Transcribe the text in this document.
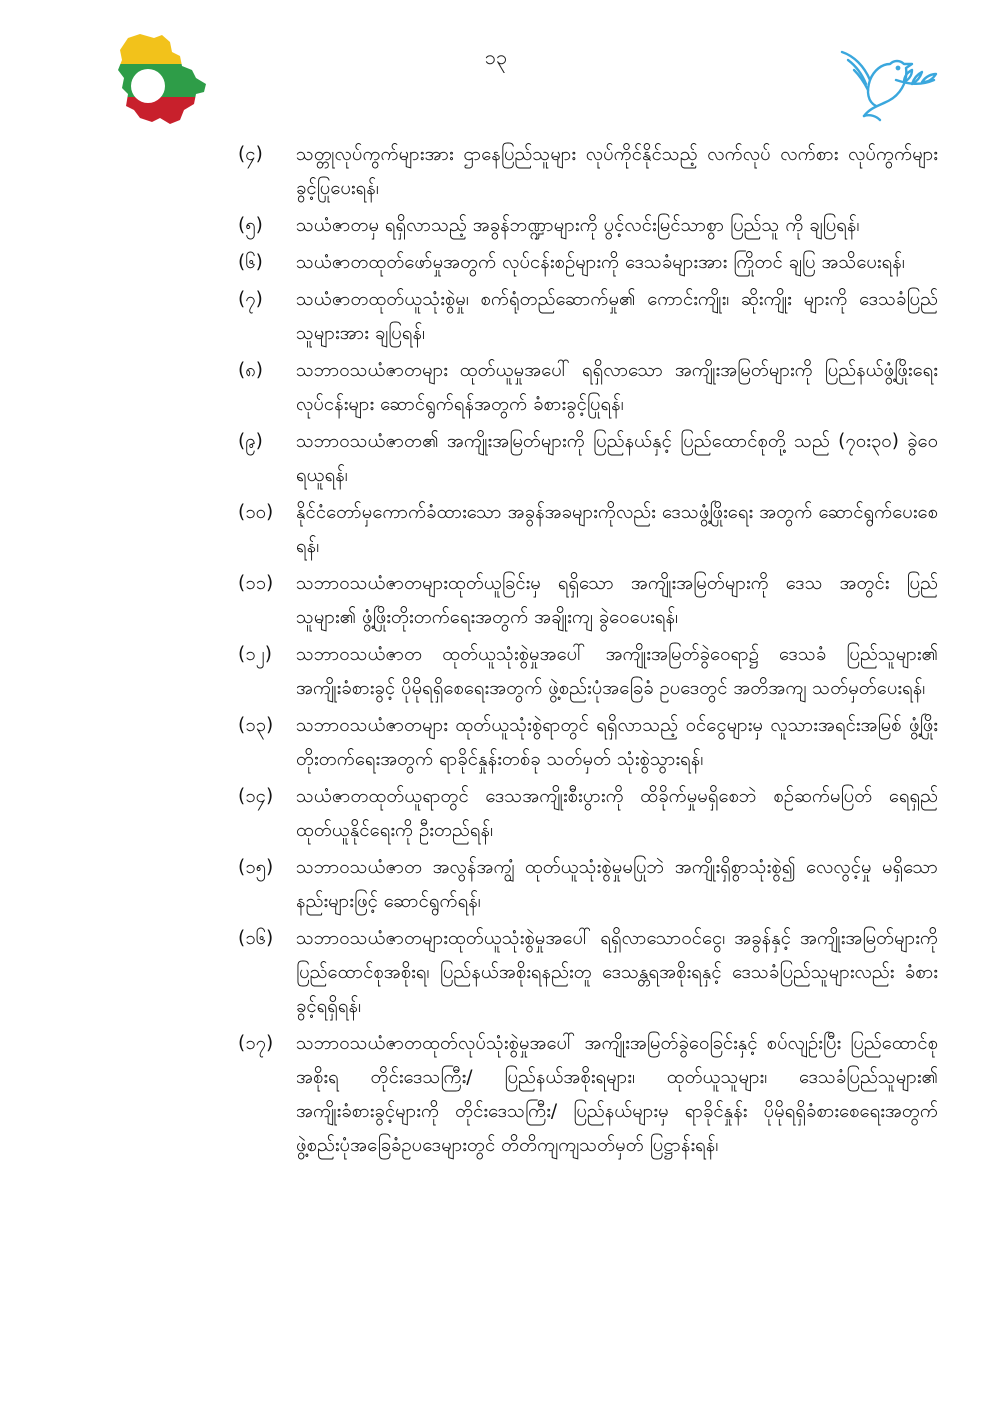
၁၃
(၄)	သတ္တုလုပ်ကွက်များအား ဌာနေပြည်သူများ လုပ်ကိုင်နိုင်သည့် လက်လုပ် လက်စား လုပ်ကွက်များ ခွင့်ပြုပေးရန်၊
(၅)	သယံဇာတမှ ရရှိလာသည့် အခွန်ဘဏ္ဍာများကို ပွင့်လင်းမြင်သာစွာ ပြည်သူ ကို ချပြရန်၊
(၆)	သယံဇာတထုတ်ဖော်မှုအတွက် လုပ်ငန်းစဉ်များကို ဒေသခံများအား ကြိုတင် ချပြ အသိပေးရန်၊
(၇)	သယံဇာတထုတ်ယူသုံးစွဲမှု၊ စက်ရုံတည်ဆောက်မှု၏ ကောင်းကျိုး၊ ဆိုးကျိုး များကို ဒေသခံပြည်သူများအား ချပြရန်၊
(၈)	သဘာဝသယံဇာတများ ထုတ်ယူမှုအပေါ် ရရှိလာသော အကျိုးအမြတ်များကို ပြည်နယ်ဖွံ့ဖြိုးရေးလုပ်ငန်းများ ဆောင်ရွက်ရန်အတွက် ခံစားခွင့်ပြုရန်၊
(၉)	သဘာဝသယံဇာတ၏ အကျိုးအမြတ်များကို ပြည်နယ်နှင့် ပြည်ထောင်စုတို့ သည် (၇၀း၃၀) ခွဲဝေရယူရန်၊
(၁၀)	နိုင်ငံတော်မှကောက်ခံထားသော အခွန်အခများကိုလည်း ဒေသဖွံ့ဖြိုးရေး အတွက် ဆောင်ရွက်ပေးစေရန်၊
(၁၁)	သဘာဝသယံဇာတများထုတ်ယူခြင်းမှ ရရှိသော အကျိုးအမြတ်များကို ဒေသ အတွင်း ပြည်သူများ၏ ဖွံ့ဖြိုးတိုးတက်ရေးအတွက် အချိုးကျ ခွဲဝေပေးရန်၊
(၁၂)	သဘာဝသယံဇာတ ထုတ်ယူသုံးစွဲမှုအပေါ် အကျိုးအမြတ်ခွဲဝေရာ၌ ဒေသခံ ပြည်သူများ၏ အကျိုးခံစားခွင့် ပိုမိုရရှိစေရေးအတွက် ဖွဲ့စည်းပုံအခြေခံ ဥပဒေတွင် အတိအကျ သတ်မှတ်ပေးရန်၊
(၁၃)	သဘာဝသယံဇာတများ ထုတ်ယူသုံးစွဲရာတွင် ရရှိလာသည့် ဝင်ငွေများမှ လူသားအရင်းအမြစ် ဖွံ့ဖြိုးတိုးတက်ရေးအတွက် ရာခိုင်နှုန်းတစ်ခု သတ်မှတ် သုံးစွဲသွားရန်၊
(၁၄)	သယံဇာတထုတ်ယူရာတွင် ဒေသအကျိုးစီးပွားကို ထိခိုက်မှုမရှိစေဘဲ စဉ်ဆက်မပြတ် ရေရှည်ထုတ်ယူနိုင်ရေးကို ဦးတည်ရန်၊
(၁၅)	သဘာဝသယံဇာတ အလွန်အကျွံ ထုတ်ယူသုံးစွဲမှုမပြုဘဲ အကျိုးရှိစွာသုံးစွဲ၍ လေလွင့်မှု မရှိသော နည်းများဖြင့် ဆောင်ရွက်ရန်၊
(၁၆)	သဘာဝသယံဇာတများထုတ်ယူသုံးစွဲမှုအပေါ် ရရှိလာသောဝင်ငွေ၊ အခွန်နှင့် အကျိုးအမြတ်များကို ပြည်ထောင်စုအစိုးရ၊ ပြည်နယ်အစိုးရနည်းတူ ဒေသန္တရအစိုးရနှင့် ဒေသခံပြည်သူများလည်း ခံစားခွင့်ရရှိရန်၊
(၁၇)	သဘာဝသယံဇာတထုတ်လုပ်သုံးစွဲမှုအပေါ် အကျိုးအမြတ်ခွဲဝေခြင်းနှင့် စပ်လျဉ်းပြီး ပြည်ထောင်စုအစိုးရ တိုင်းဒေသကြီး/ ပြည်နယ်အစိုးရများ၊ ထုတ်ယူသူများ၊ ဒေသခံပြည်သူများ၏ အကျိုးခံစားခွင့်များကို တိုင်းဒေသကြီး/ ပြည်နယ်များမှ ရာခိုင်နှုန်း ပိုမိုရရှိခံစားစေရေးအတွက် ဖွဲ့စည်းပုံအခြေခံဥပဒေများတွင် တိတိကျကျသတ်မှတ် ပြဋ္ဌာန်းရန်၊
